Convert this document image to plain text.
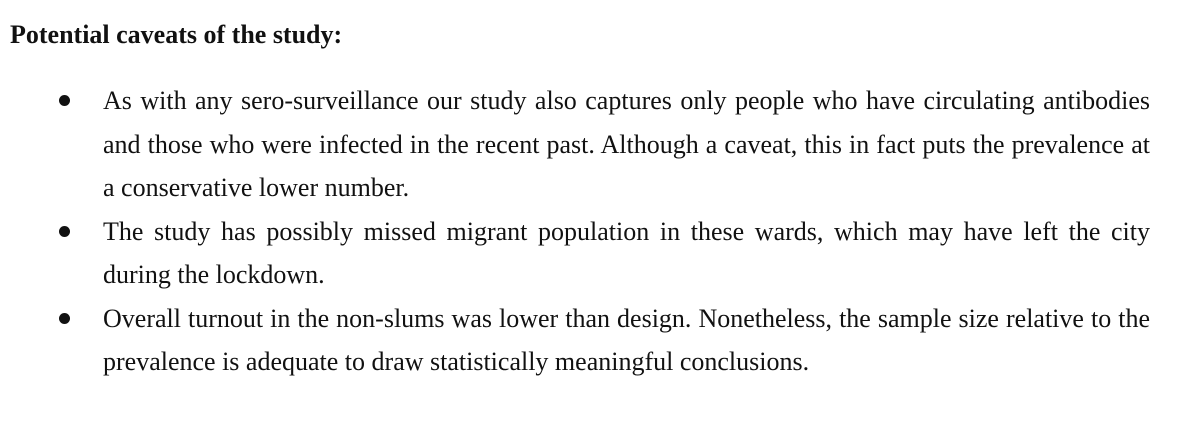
Potential caveats of the study:
As with any sero-surveillance our study also captures only people who have circulating antibodies and those who were infected in the recent past. Although a caveat, this in fact puts the prevalence at a conservative lower number.
The study has possibly missed migrant population in these wards, which may have left the city during the lockdown.
Overall turnout in the non-slums was lower than design. Nonetheless, the sample size relative to the prevalence is adequate to draw statistically meaningful conclusions.
